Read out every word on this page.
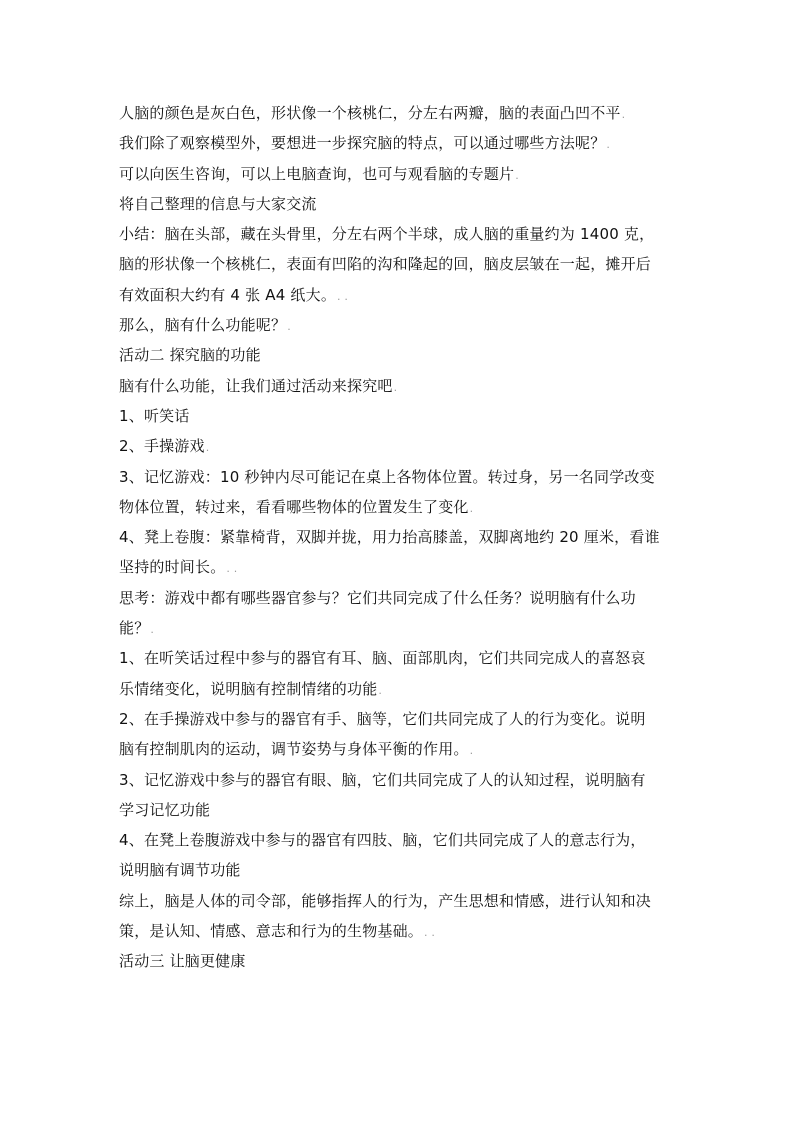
人脑的颜色是灰白色，形状像一个核桃仁，分左右两瓣，脑的表面凸凹不平.
我们除了观察模型外，要想进一步探究脑的特点，可以通过哪些方法呢？.
可以向医生咨询，可以上电脑查询，也可与观看脑的专题片.
将自己整理的信息与大家交流
小结：脑在头部，藏在头骨里，分左右两个半球，成人脑的重量约为 1400 克，
脑的形状像一个核桃仁，表面有凹陷的沟和隆起的回，脑皮层皱在一起，摊开后
有效面积大约有 4 张 A4 纸大。. .
那么，脑有什么功能呢？.
活动二 探究脑的功能
脑有什么功能，让我们通过活动来探究吧.
1、听笑话
2、手操游戏.
3、记忆游戏：10 秒钟内尽可能记在桌上各物体位置。转过身，另一名同学改变
物体位置，转过来，看看哪些物体的位置发生了变化.
4、凳上卷腹：紧靠椅背，双脚并拢，用力抬高膝盖，双脚离地约 20 厘米，看谁
坚持的时间长。. .
思考：游戏中都有哪些器官参与？它们共同完成了什么任务？说明脑有什么功
能？.
1、在听笑话过程中参与的器官有耳、脑、面部肌肉，它们共同完成人的喜怒哀
乐情绪变化，说明脑有控制情绪的功能.
2、在手操游戏中参与的器官有手、脑等，它们共同完成了人的行为变化。说明
脑有控制肌肉的运动，调节姿势与身体平衡的作用。.
3、记忆游戏中参与的器官有眼、脑，它们共同完成了人的认知过程，说明脑有
学习记忆功能
4、在凳上卷腹游戏中参与的器官有四肢、脑，它们共同完成了人的意志行为，
说明脑有调节功能
综上，脑是人体的司令部，能够指挥人的行为，产生思想和情感，进行认知和决
策，是认知、情感、意志和行为的生物基础。. .
活动三 让脑更健康
